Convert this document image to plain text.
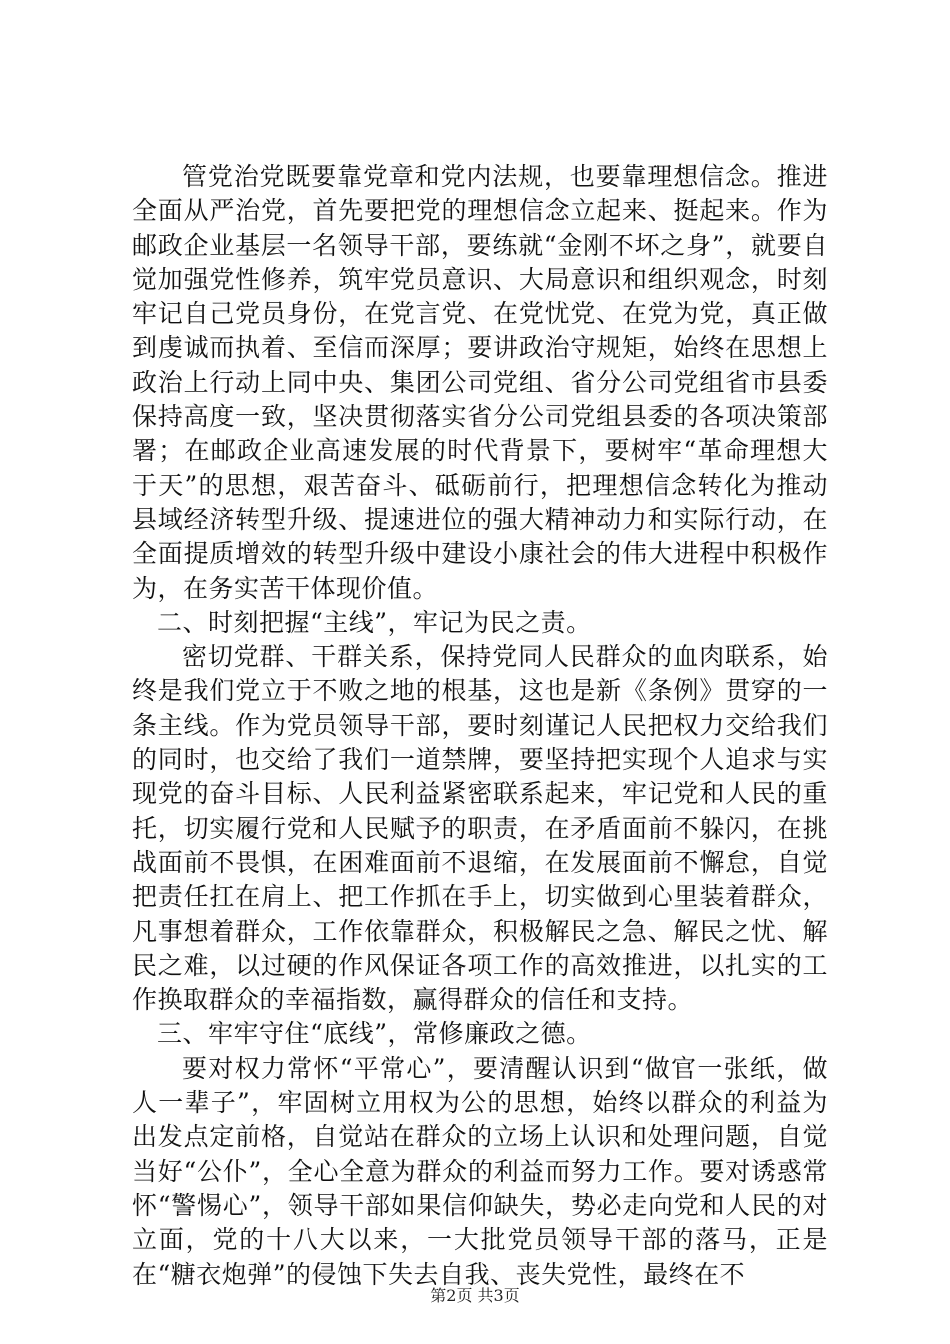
管党治党既要靠党章和党内法规，也要靠理想信念。推进全面从严治党，首先要把党的理想信念立起来、挺起来。作为邮政企业基层一名领导干部，要练就“金刚不坏之身”，就要自觉加强党性修养，筑牢党员意识、大局意识和组织观念，时刻牢记自己党员身份，在党言党、在党忧党、在党为党，真正做到虔诚而执着、至信而深厚；要讲政治守规矩，始终在思想上政治上行动上同中央、集团公司党组、省分公司党组省市县委保持高度一致，坚决贯彻落实省分公司党组县委的各项决策部署；在邮政企业高速发展的时代背景下，要树牢“革命理想大于天”的思想，艰苦奋斗、砥砺前行，把理想信念转化为推动县域经济转型升级、提速进位的强大精神动力和实际行动，在全面提质增效的转型升级中建设小康社会的伟大进程中积极作为，在务实苦干体现价值。

二、时刻把握“主线”，牢记为民之责。

密切党群、干群关系，保持党同人民群众的血肉联系，始终是我们党立于不败之地的根基，这也是新《条例》贯穿的一条主线。作为党员领导干部，要时刻谨记人民把权力交给我们的同时，也交给了我们一道禁牌，要坚持把实现个人追求与实现党的奋斗目标、人民利益紧密联系起来，牢记党和人民的重托，切实履行党和人民赋予的职责，在矛盾面前不躲闪，在挑战面前不畏惧，在困难面前不退缩，在发展面前不懈怠，自觉把责任扛在肩上、把工作抓在手上，切实做到心里装着群众，凡事想着群众，工作依靠群众，积极解民之急、解民之忧、解民之难，以过硬的作风保证各项工作的高效推进，以扎实的工作换取群众的幸福指数，赢得群众的信任和支持。

三、牢牢守住“底线”，常修廉政之德。

要对权力常怀“平常心”，要清醒认识到“做官一张纸，做人一辈子”，牢固树立用权为公的思想，始终以群众的利益为出发点定前格，自觉站在群众的立场上认识和处理问题，自觉当好“公仆”，全心全意为群众的利益而努力工作。要对诱惑常怀“警惕心”，领导干部如果信仰缺失，势必走向党和人民的对立面，党的十八大以来，一大批党员领导干部的落马，正是在“糖衣炮弹”的侵蚀下失去自我、丧失党性，最终在不

第2页 共3页
